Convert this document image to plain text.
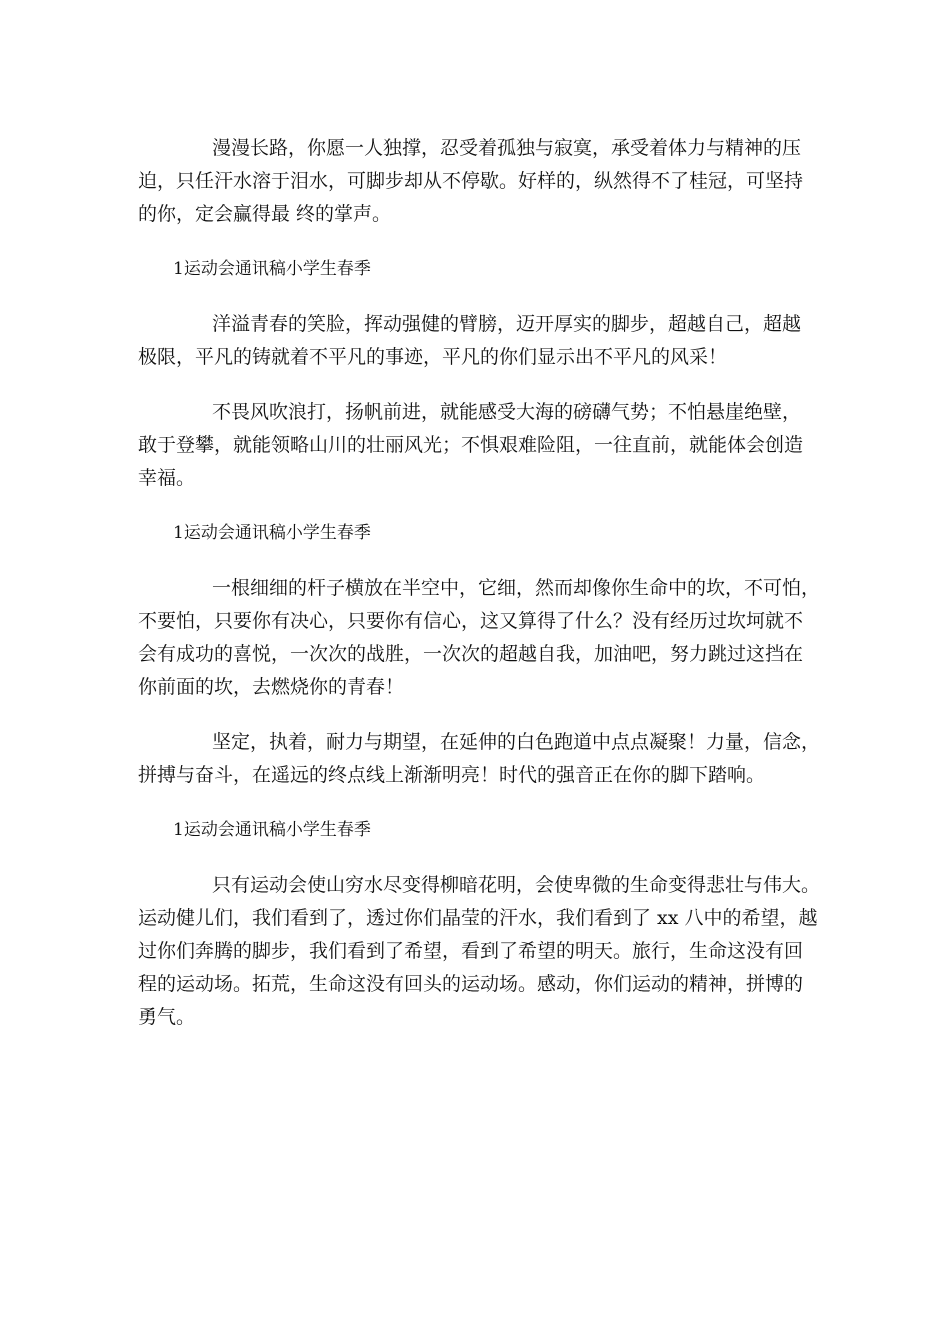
漫漫长路，你愿一人独撑，忍受着孤独与寂寞，承受着体力与精神的压
迫，只任汗水溶于泪水，可脚步却从不停歇。好样的，纵然得不了桂冠，可坚持
的你，定会赢得最 终的掌声。
1运动会通讯稿小学生春季
洋溢青春的笑脸，挥动强健的臂膀，迈开厚实的脚步，超越自己，超越
极限，平凡的铸就着不平凡的事迹，平凡的你们显示出不平凡的风采！
不畏风吹浪打，扬帆前进，就能感受大海的磅礴气势；不怕悬崖绝壁，
敢于登攀，就能领略山川的壮丽风光；不惧艰难险阻，一往直前，就能体会创造
幸福。
1运动会通讯稿小学生春季
一根细细的杆子横放在半空中，它细，然而却像你生命中的坎，不可怕，
不要怕，只要你有决心，只要你有信心，这又算得了什么？没有经历过坎坷就不
会有成功的喜悦，一次次的战胜，一次次的超越自我，加油吧，努力跳过这挡在
你前面的坎，去燃烧你的青春！
坚定，执着，耐力与期望，在延伸的白色跑道中点点凝聚！力量，信念，
拼搏与奋斗，在遥远的终点线上渐渐明亮！时代的强音正在你的脚下踏响。
1运动会通讯稿小学生春季
只有运动会使山穷水尽变得柳暗花明，会使卑微的生命变得悲壮与伟大。
运动健儿们，我们看到了，透过你们晶莹的汗水，我们看到了 xx 八中的希望，越
过你们奔腾的脚步，我们看到了希望，看到了希望的明天。旅行，生命这没有回
程的运动场。拓荒，生命这没有回头的运动场。感动，你们运动的精神，拼博的
勇气。
